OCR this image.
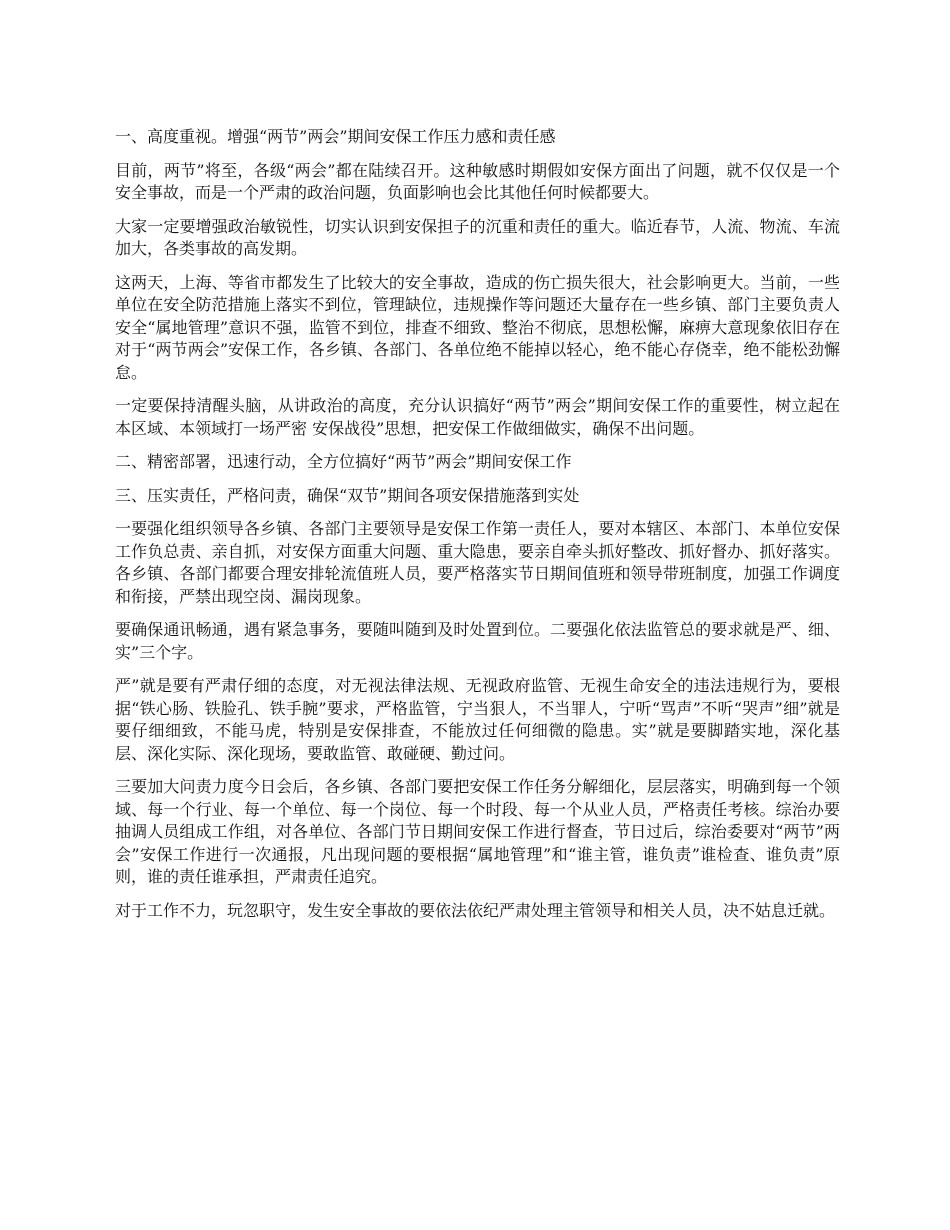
一、高度重视。增强“两节”两会”期间安保工作压力感和责任感

目前，两节”将至，各级“两会”都在陆续召开。这种敏感时期假如安保方面出了问题，就不仅仅是一个安全事故，而是一个严肃的政治问题，负面影响也会比其他任何时候都要大。

大家一定要增强政治敏锐性，切实认识到安保担子的沉重和责任的重大。临近春节，人流、物流、车流加大，各类事故的高发期。

这两天，上海、等省市都发生了比较大的安全事故，造成的伤亡损失很大，社会影响更大。当前，一些单位在安全防范措施上落实不到位，管理缺位，违规操作等问题还大量存在一些乡镇、部门主要负责人安全“属地管理”意识不强，监管不到位，排查不细致、整治不彻底，思想松懈，麻痹大意现象依旧存在对于“两节两会”安保工作，各乡镇、各部门、各单位绝不能掉以轻心，绝不能心存侥幸，绝不能松劲懈怠。

一定要保持清醒头脑，从讲政治的高度，充分认识搞好“两节”两会”期间安保工作的重要性，树立起在本区域、本领域打一场严密 安保战役”思想，把安保工作做细做实，确保不出问题。

二、精密部署，迅速行动，全方位搞好“两节”两会”期间安保工作

三、压实责任，严格问责，确保“双节”期间各项安保措施落到实处

一要强化组织领导各乡镇、各部门主要领导是安保工作第一责任人，要对本辖区、本部门、本单位安保工作负总责、亲自抓，对安保方面重大问题、重大隐患，要亲自牵头抓好整改、抓好督办、抓好落实。各乡镇、各部门都要合理安排轮流值班人员，要严格落实节日期间值班和领导带班制度，加强工作调度和衔接，严禁出现空岗、漏岗现象。

要确保通讯畅通，遇有紧急事务，要随叫随到及时处置到位。二要强化依法监管总的要求就是严、细、实”三个字。

严”就是要有严肃仔细的态度，对无视法律法规、无视政府监管、无视生命安全的违法违规行为，要根据“铁心肠、铁脸孔、铁手腕”要求，严格监管，宁当狠人，不当罪人，宁听“骂声”不听“哭声”细”就是要仔细细致，不能马虎，特别是安保排查，不能放过任何细微的隐患。实”就是要脚踏实地，深化基层、深化实际、深化现场，要敢监管、敢碰硬、勤过问。

三要加大问责力度今日会后，各乡镇、各部门要把安保工作任务分解细化，层层落实，明确到每一个领域、每一个行业、每一个单位、每一个岗位、每一个时段、每一个从业人员，严格责任考核。综治办要抽调人员组成工作组，对各单位、各部门节日期间安保工作进行督查，节日过后，综治委要对“两节”两会”安保工作进行一次通报，凡出现问题的要根据“属地管理”和“谁主管，谁负责”谁检查、谁负责”原则，谁的责任谁承担，严肃责任追究。

对于工作不力，玩忽职守，发生安全事故的要依法依纪严肃处理主管领导和相关人员，决不姑息迁就。
